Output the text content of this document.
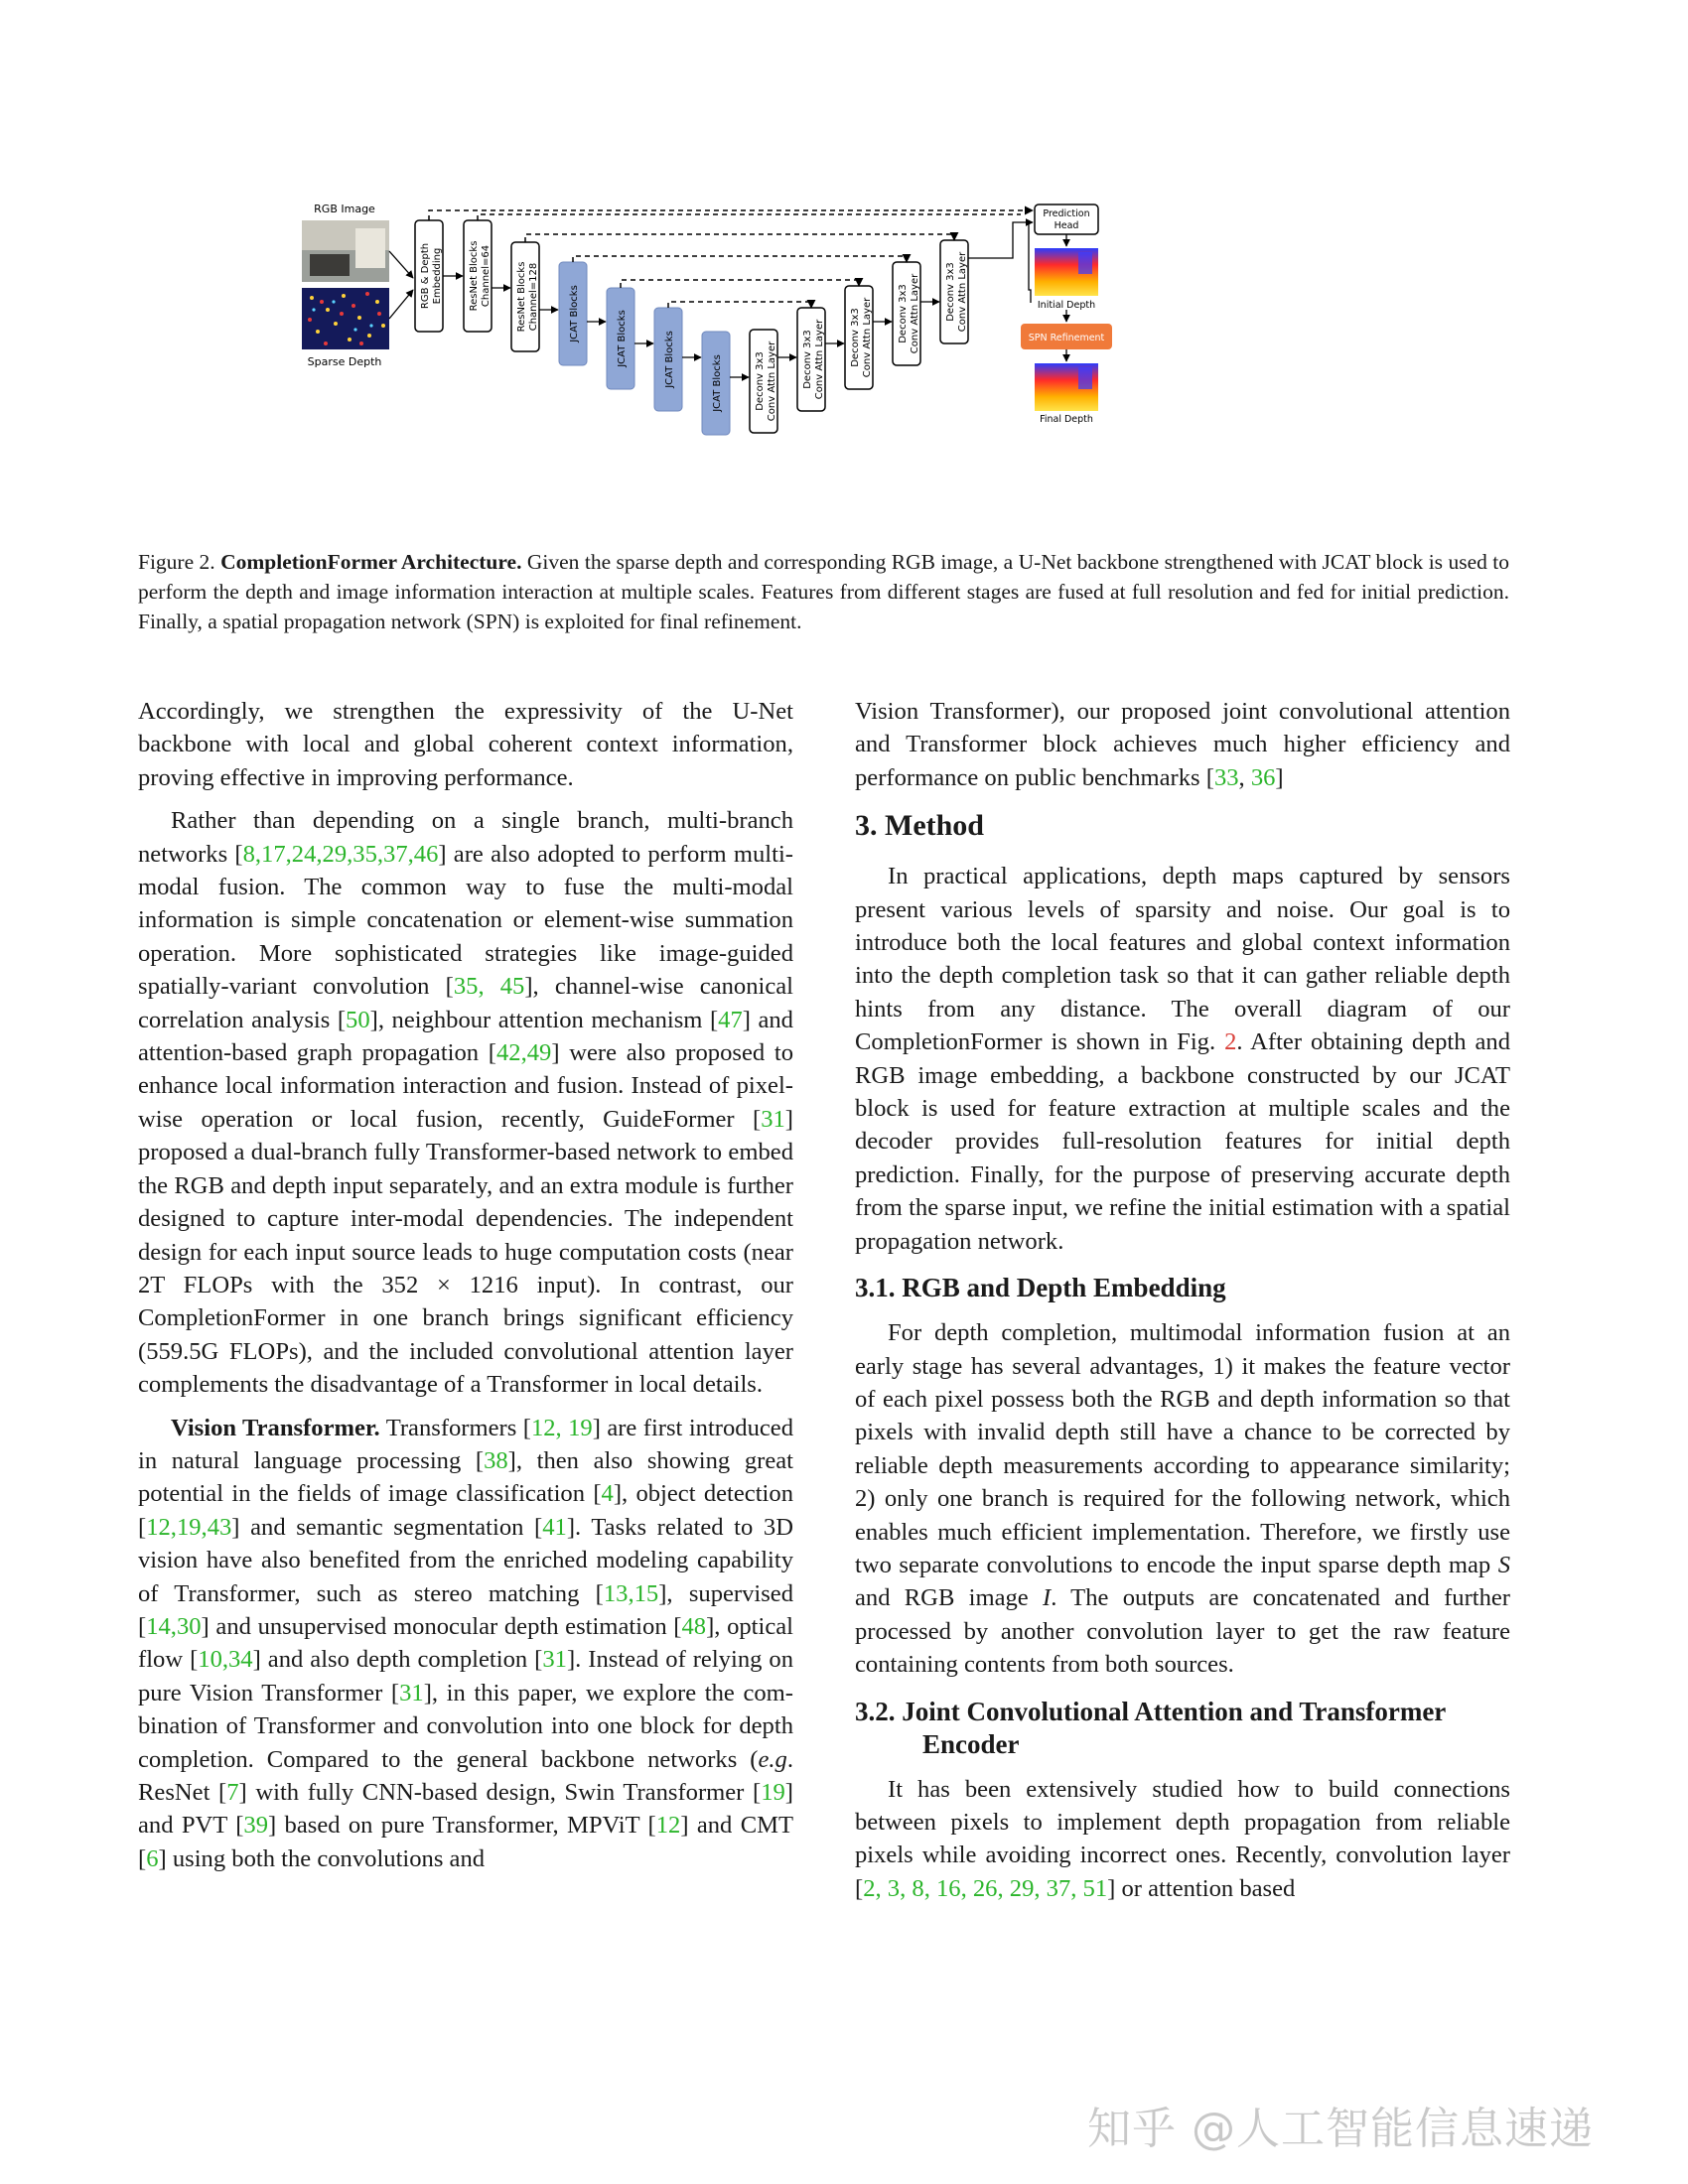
RGB Image
Sparse Depth
RGB & Depth Embedding	ResNet Blocks Channel=64	ResNet Blocks Channel=128	JCAT Blocks	JCAT Blocks	JCAT Blocks	JCAT Blocks	Deconv 3x3 Conv Attn Layer	Deconv 3x3 Conv Attn Layer	Deconv 3x3 Conv Attn Layer	Deconv 3x3 Conv Attn Layer	Deconv 3x3 Conv Attn Layer
Prediction
Head
Initial Depth
SPN Refinement
Final Depth
Figure 2. CompletionFormer Architecture. Given the sparse depth and corresponding RGB image, a U-Net backbone strengthened with JCAT block is used to perform the depth and image information interaction at multiple scales. Features from different stages are fused at full resolution and fed for initial prediction. Finally, a spatial propagation network (SPN) is exploited for final refinement.

Accordingly, we strengthen the expressivity of the U-Net backbone with local and global coherent context information, proving effective in improving performance.

Rather than depending on a single branch, multi-branch networks [8,17,24,29,35,37,46] are also adopted to perform multi-modal fusion. The common way to fuse the multi-modal information is simple concatenation or element-wise summation operation. More sophisticated strategies like image-guided spatially-variant convolution [35, 45], channel-wise canonical correlation analysis [50], neighbour attention mechanism [47] and attention-based graph propagation [42,49] were also proposed to enhance local information interaction and fusion. Instead of pixel-wise operation or local fusion, recently, GuideFormer [31] proposed a dual-branch fully Transformer-based network to embed the RGB and depth input separately, and an extra module is further designed to capture inter-modal dependencies. The independent design for each input source leads to huge computation costs (near 2T FLOPs with the 352 × 1216 input). In contrast, our CompletionFormer in one branch brings significant efficiency (559.5G FLOPs), and the included convolutional attention layer complements the disadvantage of a Transformer in local details.

Vision Transformer. Transformers [12, 19] are first introduced in natural language processing [38], then also showing great potential in the fields of image classification [4], object detection [12,19,43] and semantic segmentation [41]. Tasks related to 3D vision have also benefited from the enriched modeling capability of Transformer, such as stereo matching [13,15], supervised [14,30] and unsupervised monocular depth estimation [48], optical flow [10,34] and also depth completion [31]. Instead of relying on pure Vision Transformer [31], in this paper, we explore the combination of Transformer and convolution into one block for depth completion. Compared to the general backbone networks (e.g. ResNet [7] with fully CNN-based design, Swin Transformer [19] and PVT [39] based on pure Transformer, MPViT [12] and CMT [6] using both the convolutions and

Vision Transformer), our proposed joint convolutional attention and Transformer block achieves much higher efficiency and performance on public benchmarks [33, 36]

3. Method

In practical applications, depth maps captured by sensors present various levels of sparsity and noise. Our goal is to introduce both the local features and global context information into the depth completion task so that it can gather reliable depth hints from any distance. The overall diagram of our CompletionFormer is shown in Fig. 2. After obtaining depth and RGB image embedding, a backbone constructed by our JCAT block is used for feature extraction at multiple scales and the decoder provides full-resolution features for initial depth prediction. Finally, for the purpose of preserving accurate depth from the sparse input, we refine the initial estimation with a spatial propagation network.

3.1. RGB and Depth Embedding

For depth completion, multimodal information fusion at an early stage has several advantages, 1) it makes the feature vector of each pixel possess both the RGB and depth information so that pixels with invalid depth still have a chance to be corrected by reliable depth measurements according to appearance similarity; 2) only one branch is required for the following network, which enables much efficient implementation. Therefore, we firstly use two separate convolutions to encode the input sparse depth map S and RGB image I. The outputs are concatenated and further processed by another convolution layer to get the raw feature containing contents from both sources.

3.2. Joint Convolutional Attention and Transformer
Encoder

It has been extensively studied how to build connections between pixels to implement depth propagation from reliable pixels while avoiding incorrect ones. Recently, convolution layer [2, 3, 8, 16, 26, 29, 37, 51] or attention based

知乎 @人工智能信息速递
